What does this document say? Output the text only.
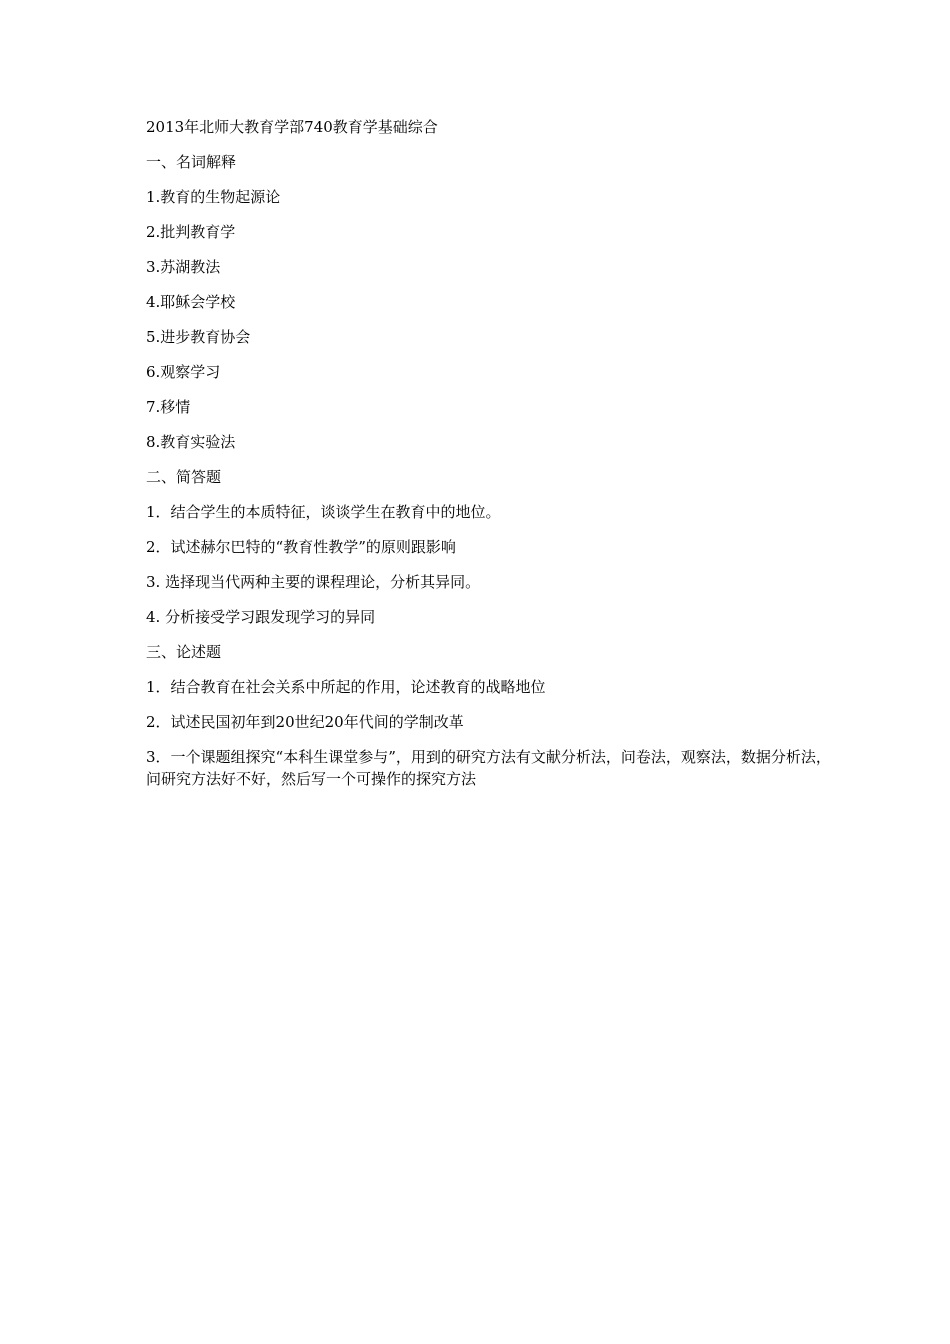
2013年北师大教育学部740教育学基础综合
一、名词解释
1.教育的生物起源论
2.批判教育学
3.苏湖教法
4.耶稣会学校
5.进步教育协会
6.观察学习
7.移情
8.教育实验法
二、简答题
1．结合学生的本质特征，谈谈学生在教育中的地位。
2．试述赫尔巴特的“教育性教学”的原则跟影响
3. 选择现当代两种主要的课程理论，分析其异同。
4. 分析接受学习跟发现学习的异同
三、论述题
1．结合教育在社会关系中所起的作用，论述教育的战略地位
2．试述民国初年到20世纪20年代间的学制改革
3．一个课题组探究“本科生课堂参与”，用到的研究方法有文献分析法，问卷法，观察法，数据分析法，问研究方法好不好，然后写一个可操作的探究方法
